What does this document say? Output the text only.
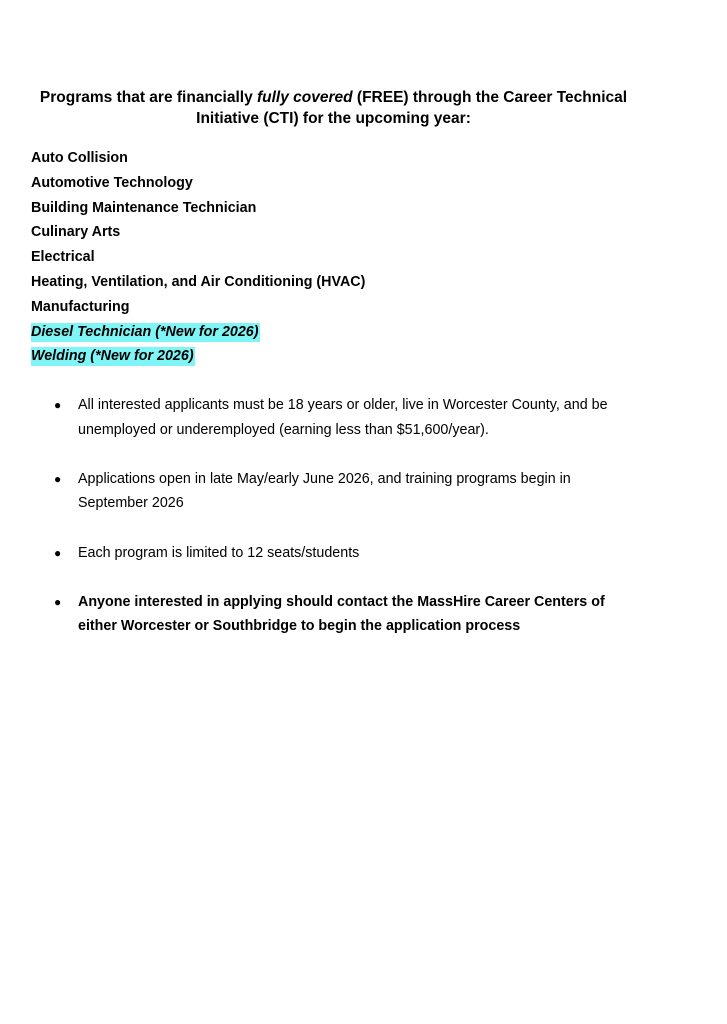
Programs that are financially fully covered (FREE) through the Career Technical Initiative (CTI) for the upcoming year:
Auto Collision
Automotive Technology
Building Maintenance Technician
Culinary Arts
Electrical
Heating, Ventilation, and Air Conditioning (HVAC)
Manufacturing
Diesel Technician (*New for 2026)
Welding (*New for 2026)
● All interested applicants must be 18 years or older, live in Worcester County, and be unemployed or underemployed (earning less than $51,600/year).
● Applications open in late May/early June 2026, and training programs begin in September 2026
● Each program is limited to 12 seats/students
● Anyone interested in applying should contact the MassHire Career Centers of either Worcester or Southbridge to begin the application process
